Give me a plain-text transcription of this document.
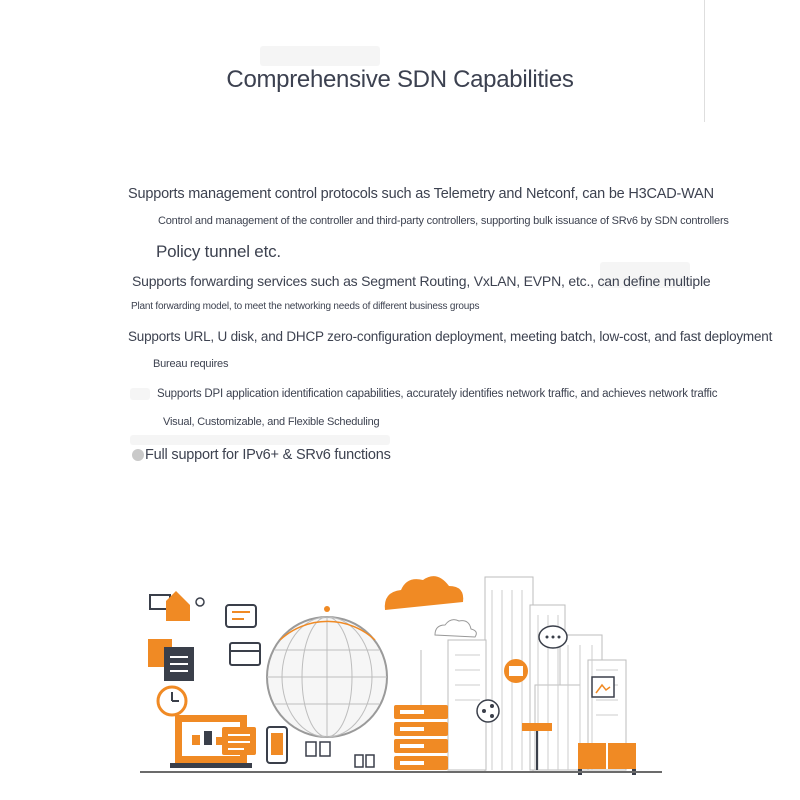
Comprehensive SDN Capabilities
Supports management control protocols such as Telemetry and Netconf, can be H3CAD-WAN
Control and management of the controller and third-party controllers, supporting bulk issuance of SRv6 by SDN controllers
Policy tunnel etc.
Supports forwarding services such as Segment Routing, VxLAN, EVPN, etc., can define multiple
Plant forwarding model, to meet the networking needs of different business groups
Supports URL, U disk, and DHCP zero-configuration deployment, meeting batch, low-cost, and fast deployment
Bureau requires
Supports DPI application identification capabilities, accurately identifies network traffic, and achieves network traffic
Visual, Customizable, and Flexible Scheduling
Full support for IPv6+ & SRv6 functions
